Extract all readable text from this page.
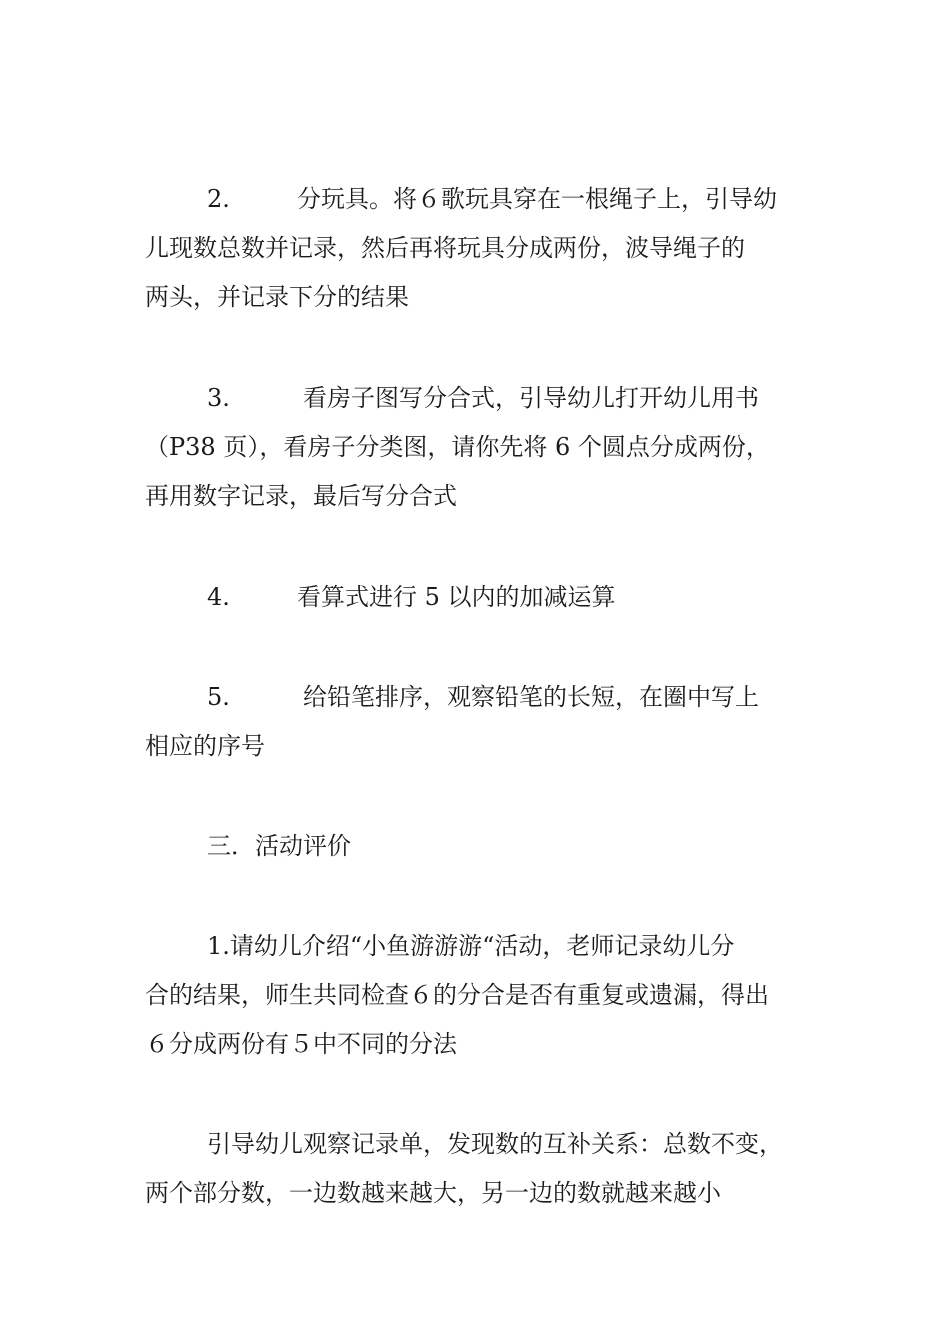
2.	分玩具。将６歌玩具穿在一根绳子上，引导幼
儿现数总数并记录，然后再将玩具分成两份，波导绳子的
两头，并记录下分的结果
3.	看房子图写分合式，引导幼儿打开幼儿用书
（P38 页），看房子分类图，请你先将 6 个圆点分成两份，
再用数字记录，最后写分合式
4.	看算式进行 5 以内的加减运算
5.	给铅笔排序，观察铅笔的长短，在圈中写上
相应的序号
三．活动评价
1.请幼儿介绍“小鱼游游游“活动，老师记录幼儿分
合的结果，师生共同检查６的分合是否有重复或遗漏，得出
６分成两份有５中不同的分法
引导幼儿观察记录单，发现数的互补关系：总数不变，
两个部分数，一边数越来越大，另一边的数就越来越小
